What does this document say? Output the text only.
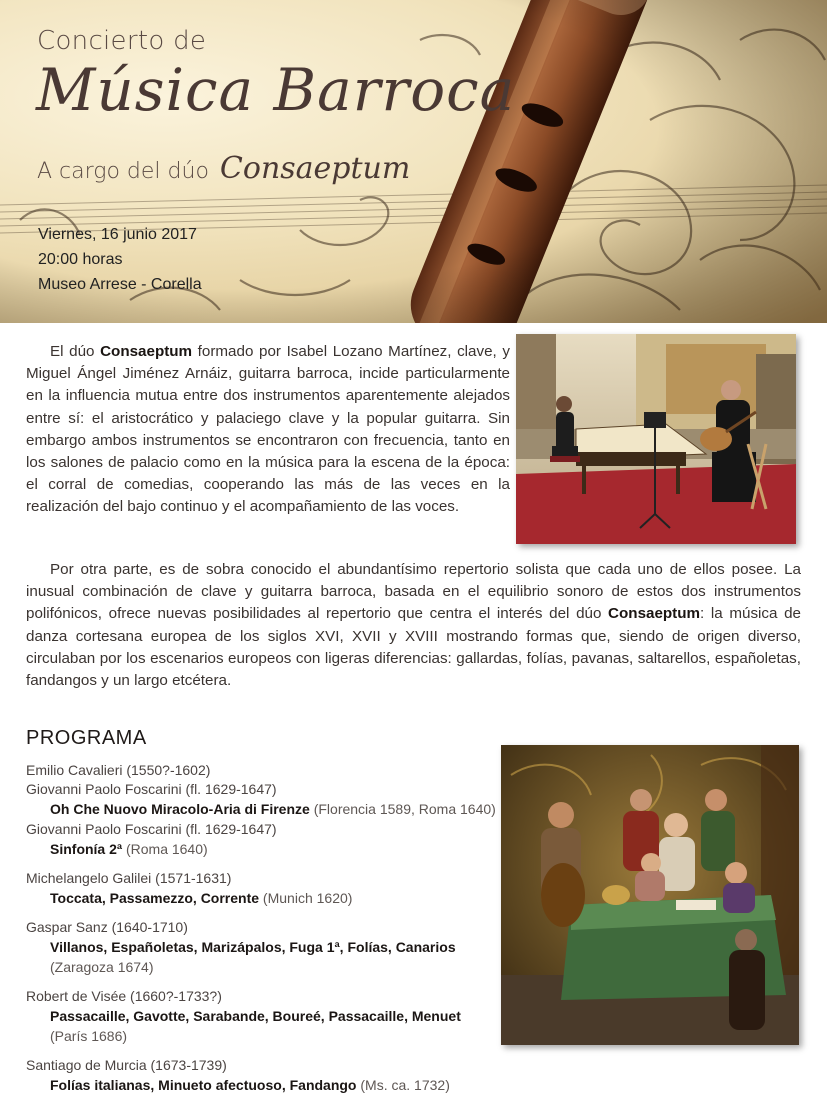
Concierto de
Música Barroca
A cargo del dúo Consaeptum
Viernes, 16 junio 2017
20:00 horas
Museo Arrese - Corella

El dúo Consaeptum formado por Isabel Lozano Martínez, clave, y Miguel Ángel Jiménez Arnáiz, guitarra barroca, incide particularmente en la influencia mutua entre dos instrumentos aparentemente alejados entre sí: el aristocrático y palaciego clave y la popular guitarra. Sin embargo ambos instrumentos se encontraron con frecuencia, tanto en los salones de palacio como en la música para la escena de la época: el corral de comedias, cooperando las más de las veces en la realización del bajo continuo y el acompañamiento de las voces.

Por otra parte, es de sobra conocido el abundantísimo repertorio solista que cada uno de ellos posee. La inusual combinación de clave y guitarra barroca, basada en el equilibrio sonoro de estos dos instrumentos polifónicos, ofrece nuevas posibilidades al repertorio que centra el interés del dúo Consaeptum: la música de danza cortesana europea de los siglos XVI, XVII y XVIII mostrando formas que, siendo de origen diverso, circulaban por los escenarios europeos con ligeras diferencias: gallardas, folías, pavanas, saltarellos, españoletas, fandangos y un largo etcétera.

PROGRAMA
Emilio Cavalieri (1550?-1602)
Giovanni Paolo Foscarini (fl. 1629-1647)
Oh Che Nuovo Miracolo-Aria di Firenze (Florencia 1589, Roma 1640)
Giovanni Paolo Foscarini (fl. 1629-1647)
Sinfonía 2ª (Roma 1640)
Michelangelo Galilei (1571-1631)
Toccata, Passamezzo, Corrente (Munich 1620)
Gaspar Sanz (1640-1710)
Villanos, Españoletas, Marizápalos, Fuga 1ª, Folías, Canarios
(Zaragoza 1674)
Robert de Visée (1660?-1733?)
Passacaille, Gavotte, Sarabande, Boureé, Passacaille, Menuet
(París 1686)
Santiago de Murcia (1673-1739)
Folías italianas, Minueto afectuoso, Fandango (Ms. ca. 1732)
